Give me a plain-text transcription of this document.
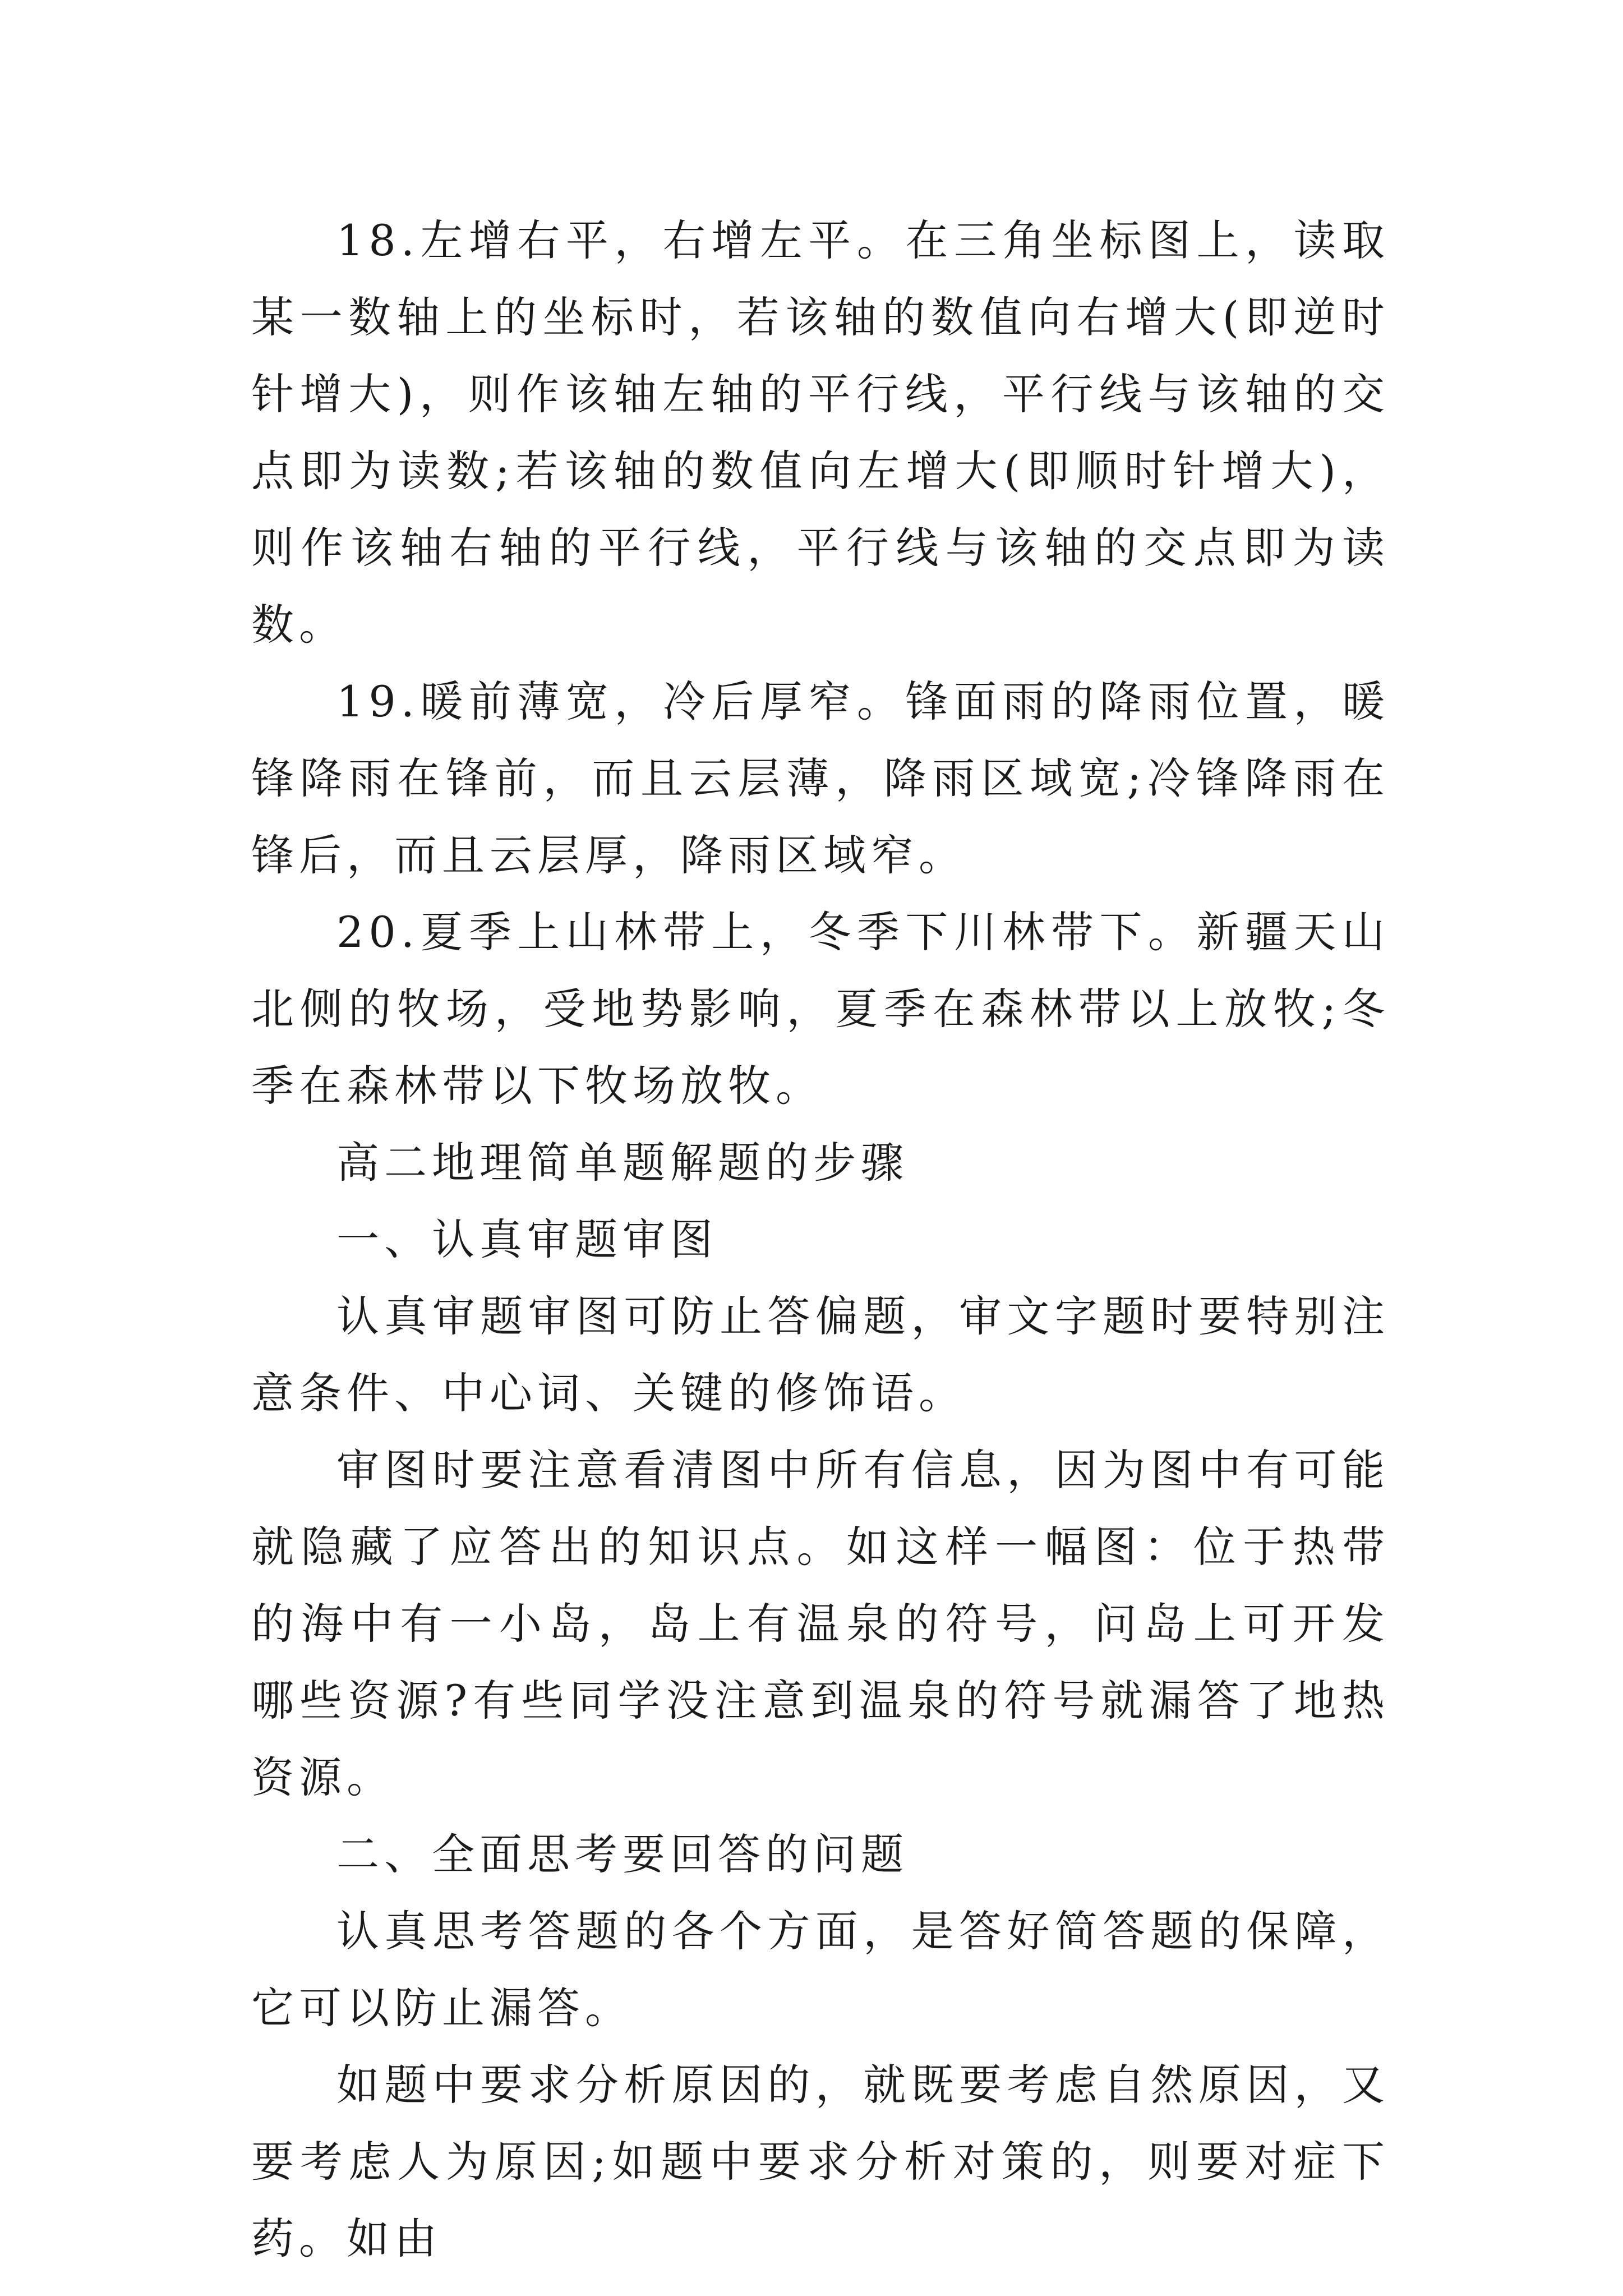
18.左增右平，右增左平。在三角坐标图上，读取某一数轴上的坐标时，若该轴的数值向右增大(即逆时针增大)，则作该轴左轴的平行线，平行线与该轴的交点即为读数;若该轴的数值向左增大(即顺时针增大)，则作该轴右轴的平行线，平行线与该轴的交点即为读数。

19.暖前薄宽，冷后厚窄。锋面雨的降雨位置，暖锋降雨在锋前，而且云层薄，降雨区域宽;冷锋降雨在锋后，而且云层厚，降雨区域窄。

20.夏季上山林带上，冬季下川林带下。新疆天山北侧的牧场，受地势影响，夏季在森林带以上放牧;冬季在森林带以下牧场放牧。

高二地理简单题解题的步骤

一、认真审题审图

认真审题审图可防止答偏题，审文字题时要特别注意条件、中心词、关键的修饰语。

审图时要注意看清图中所有信息，因为图中有可能就隐藏了应答出的知识点。如这样一幅图：位于热带的海中有一小岛，岛上有温泉的符号，问岛上可开发哪些资源?有些同学没注意到温泉的符号就漏答了地热资源。

二、全面思考要回答的问题

认真思考答题的各个方面，是答好简答题的保障，它可以防止漏答。

如题中要求分析原因的，就既要考虑自然原因，又要考虑人为原因;如题中要求分析对策的，则要对症下药。如由
